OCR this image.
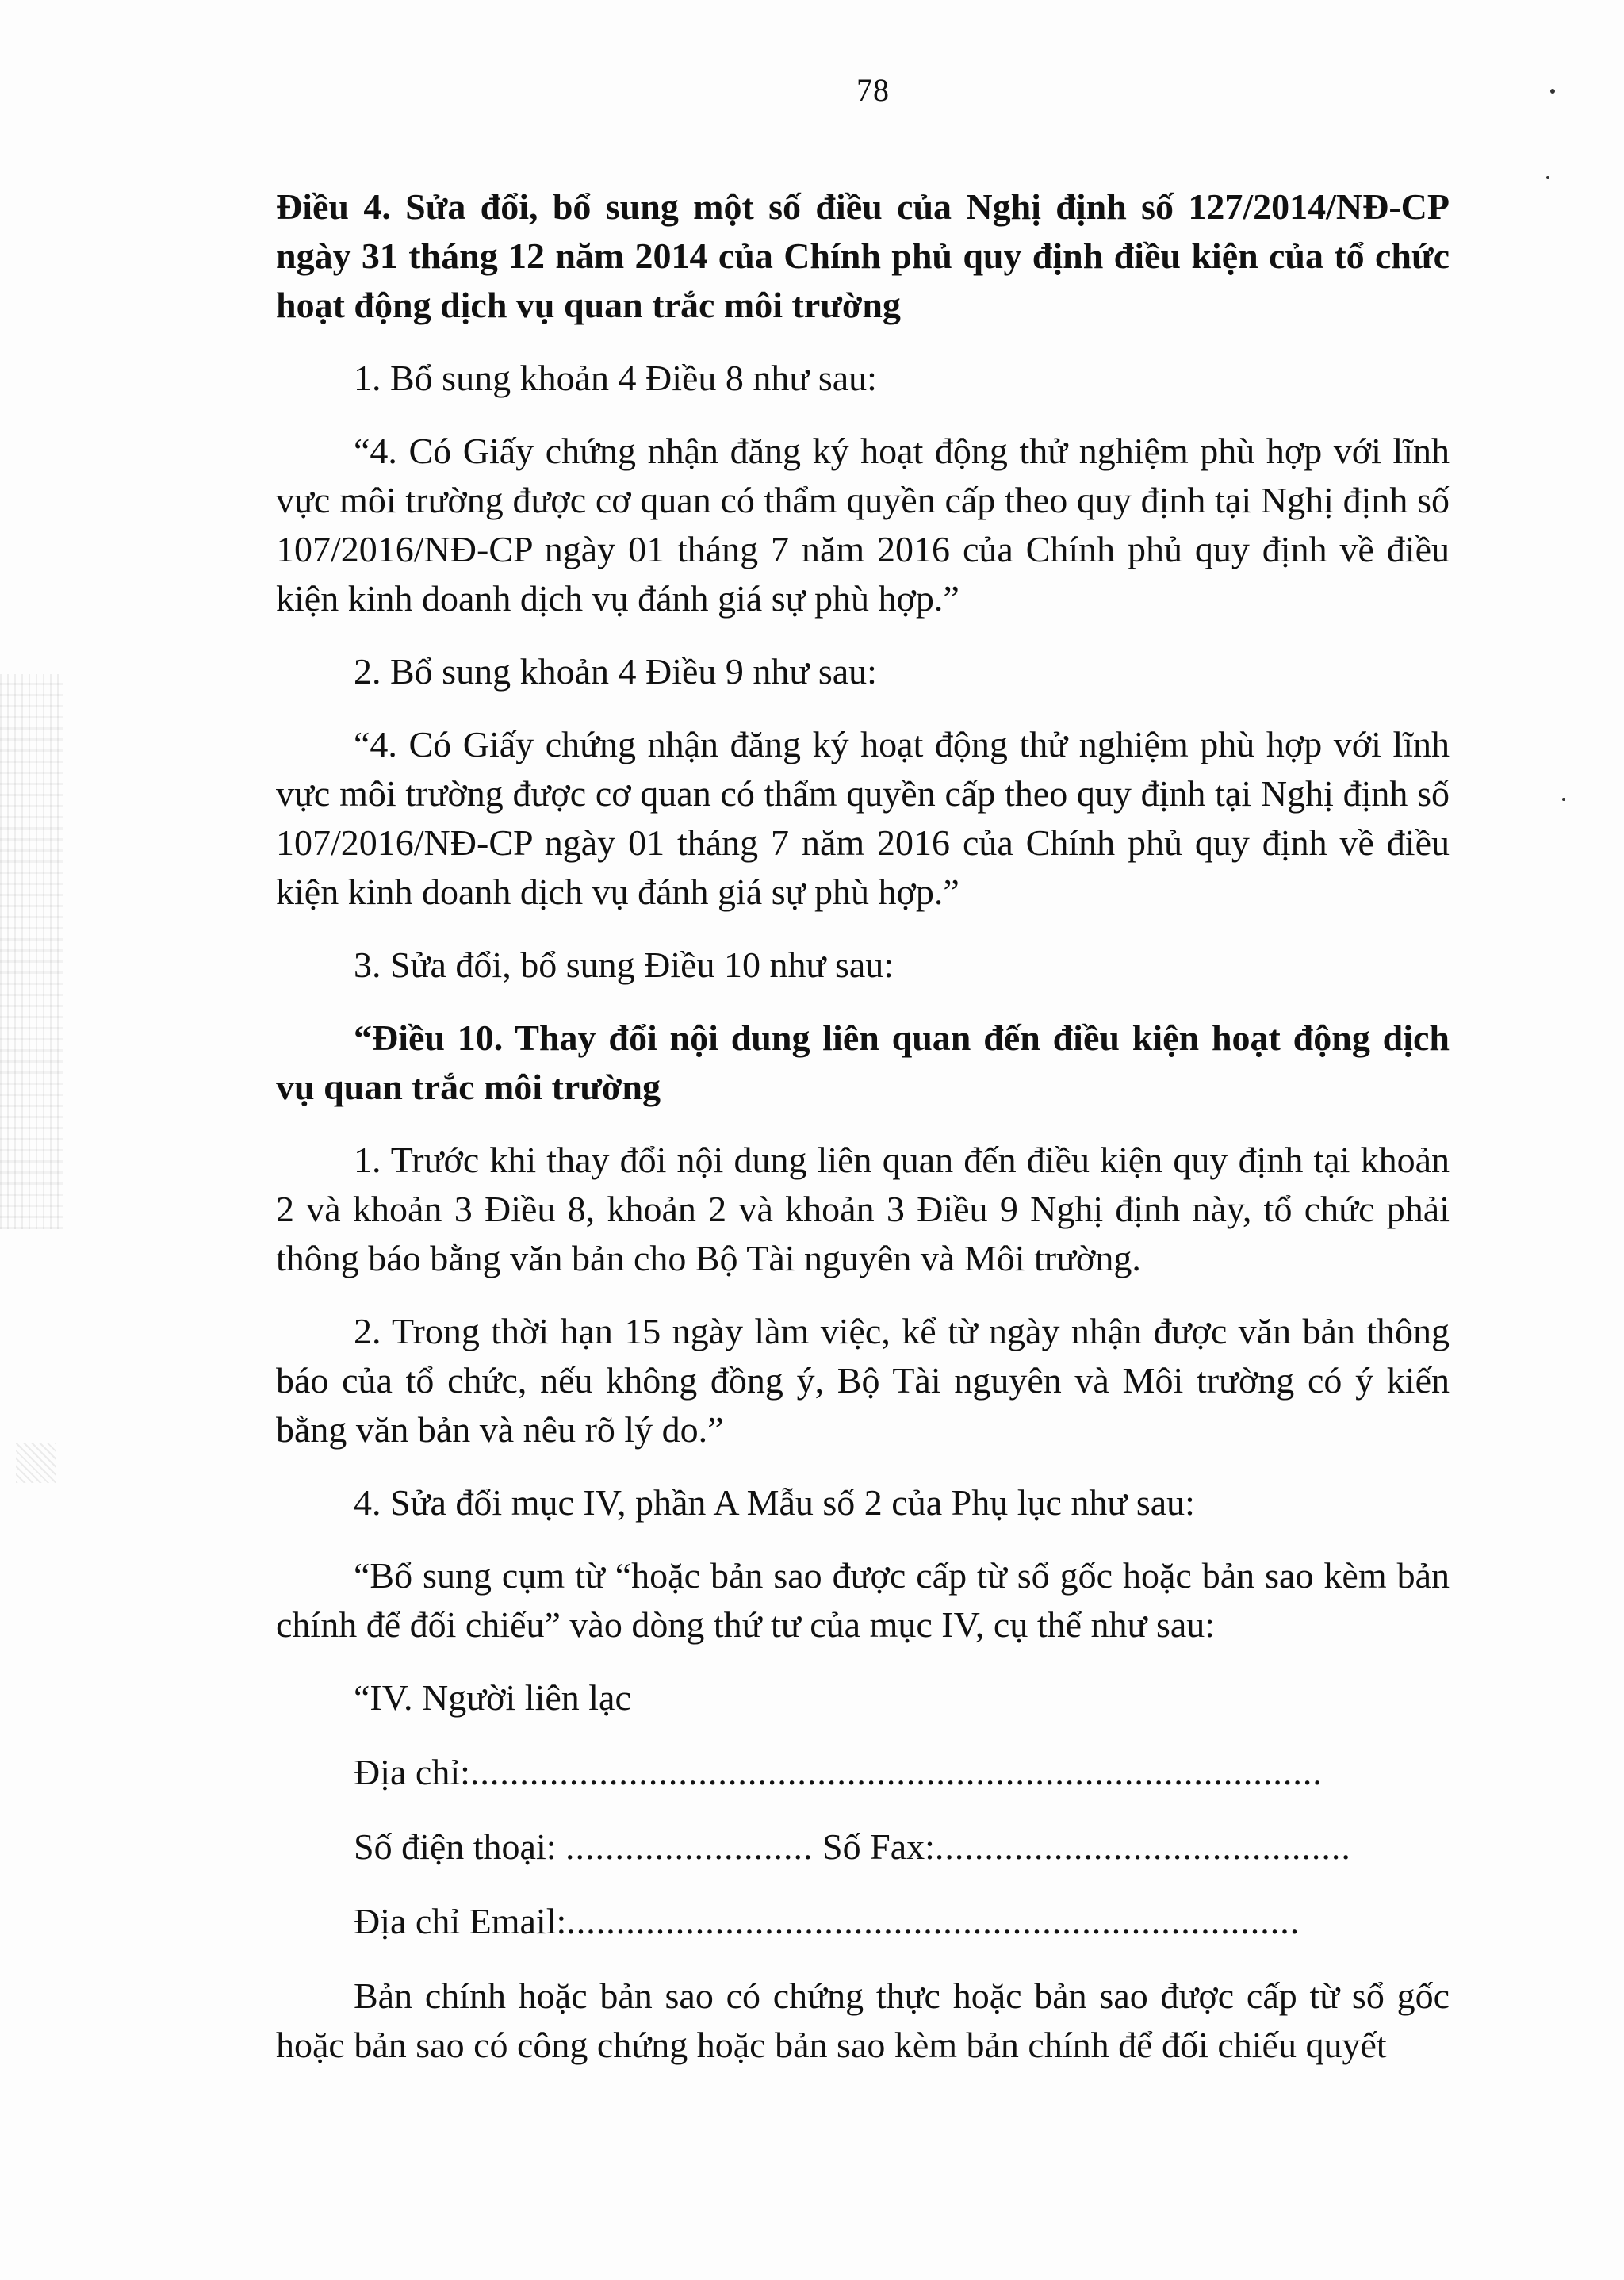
78
Điều 4. Sửa đổi, bổ sung một số điều của Nghị định số 127/2014/NĐ-CP ngày 31 tháng 12 năm 2014 của Chính phủ quy định điều kiện của tổ chức hoạt động dịch vụ quan trắc môi trường

1. Bổ sung khoản 4 Điều 8 như sau:

“4. Có Giấy chứng nhận đăng ký hoạt động thử nghiệm phù hợp với lĩnh vực môi trường được cơ quan có thẩm quyền cấp theo quy định tại Nghị định số 107/2016/NĐ-CP ngày 01 tháng 7 năm 2016 của Chính phủ quy định về điều kiện kinh doanh dịch vụ đánh giá sự phù hợp.”

2. Bổ sung khoản 4 Điều 9 như sau:

“4. Có Giấy chứng nhận đăng ký hoạt động thử nghiệm phù hợp với lĩnh vực môi trường được cơ quan có thẩm quyền cấp theo quy định tại Nghị định số 107/2016/NĐ-CP ngày 01 tháng 7 năm 2016 của Chính phủ quy định về điều kiện kinh doanh dịch vụ đánh giá sự phù hợp.”

3. Sửa đổi, bổ sung Điều 10 như sau:

“Điều 10. Thay đổi nội dung liên quan đến điều kiện hoạt động dịch vụ quan trắc môi trường

1. Trước khi thay đổi nội dung liên quan đến điều kiện quy định tại khoản 2 và khoản 3 Điều 8, khoản 2 và khoản 3 Điều 9 Nghị định này, tổ chức phải thông báo bằng văn bản cho Bộ Tài nguyên và Môi trường.

2. Trong thời hạn 15 ngày làm việc, kể từ ngày nhận được văn bản thông báo của tổ chức, nếu không đồng ý, Bộ Tài nguyên và Môi trường có ý kiến bằng văn bản và nêu rõ lý do.”

4. Sửa đổi mục IV, phần A Mẫu số 2 của Phụ lục như sau:

“Bổ sung cụm từ “hoặc bản sao được cấp từ sổ gốc hoặc bản sao kèm bản chính để đối chiếu” vào dòng thứ tư của mục IV, cụ thể như sau:

“IV. Người liên lạc

Địa chỉ:......................................................................................

Số điện thoại: ......................... Số Fax:..........................................

Địa chỉ Email:..........................................................................

Bản chính hoặc bản sao có chứng thực hoặc bản sao được cấp từ sổ gốc hoặc bản sao có công chứng hoặc bản sao kèm bản chính để đối chiếu quyết
